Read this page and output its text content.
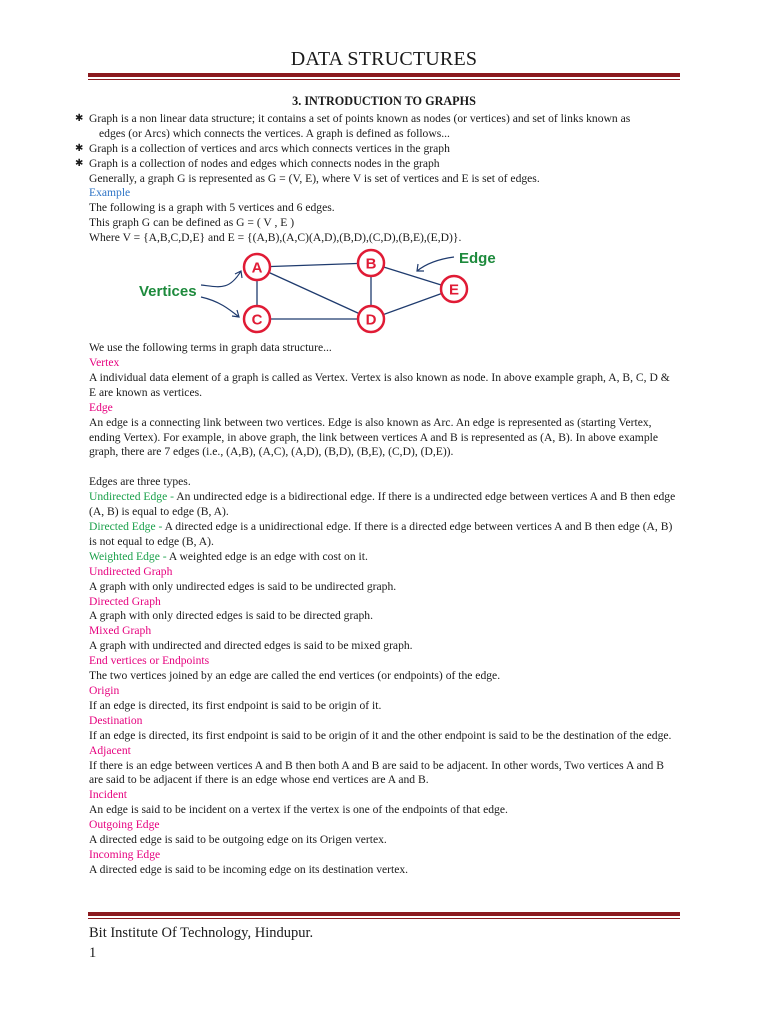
DATA STRUCTURES
3. INTRODUCTION TO GRAPHS
✱ Graph is a non linear data structure; it contains a set of points known as nodes (or vertices) and set of links known as
edges (or Arcs) which connects the vertices. A graph is defined as follows...
✱ Graph is a collection of vertices and arcs which connects vertices in the graph
✱ Graph is a collection of nodes and edges which connects nodes in the graph

Generally, a graph G is represented as G = (V, E), where V is set of vertices and E is set of edges.

Example

The following is a graph with 5 vertices and 6 edges.

This graph G can be defined as G = ( V , E )

Where V = {A,B,C,D,E} and E = {(A,B),(A,C)(A,D),(B,D),(C,D),(B,E),(E,D)}.

A	B
C	D
E
Vertices
Edge

We use the following terms in graph data structure...

Vertex

A individual data element of a graph is called as Vertex. Vertex is also known as node. In above example graph, A, B, C, D & E are known as vertices.

Edge

An edge is a connecting link between two vertices. Edge is also known as Arc. An edge is represented as (starting Vertex, ending Vertex). For example, in above graph, the link between vertices A and B is represented as (A, B). In above example graph, there are 7 edges (i.e., (A,B), (A,C), (A,D), (B,D), (B,E), (C,D), (D,E)).

Edges are three types.

Undirected Edge - An undirected edge is a bidirectional edge. If there is a undirected edge between vertices A and B then edge (A, B) is equal to edge (B, A).

Directed Edge - A directed edge is a unidirectional edge. If there is a directed edge between vertices A and B then edge (A, B) is not equal to edge (B, A).

Weighted Edge - A weighted edge is an edge with cost on it.

Undirected Graph

A graph with only undirected edges is said to be undirected graph.

Directed Graph

A graph with only directed edges is said to be directed graph.

Mixed Graph

A graph with undirected and directed edges is said to be mixed graph.

End vertices or Endpoints

The two vertices joined by an edge are called the end vertices (or endpoints) of the edge.

Origin

If an edge is directed, its first endpoint is said to be origin of it.

Destination

If an edge is directed, its first endpoint is said to be origin of it and the other endpoint is said to be the destination of the edge.

Adjacent

If there is an edge between vertices A and B then both A and B are said to be adjacent. In other words, Two vertices A and B are said to be adjacent if there is an edge whose end vertices are A and B.

Incident

An edge is said to be incident on a vertex if the vertex is one of the endpoints of that edge.

Outgoing Edge

A directed edge is said to be outgoing edge on its Origen vertex.

Incoming Edge

A directed edge is said to be incoming edge on its destination vertex.

Bit Institute Of Technology, Hindupur.
1
